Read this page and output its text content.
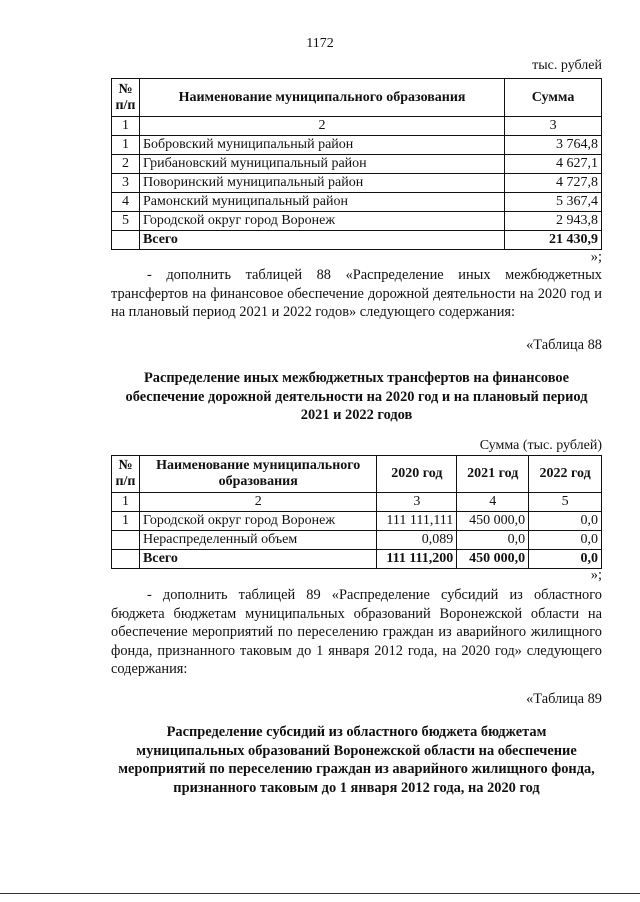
1172
тыс. рублей
№ п/п	Наименование муниципального образования	Сумма
1	2	3
1	Бобровский муниципальный район	3 764,8
2	Грибановский муниципальный район	4 627,1
3	Поворинский муниципальный район	4 727,8
4	Рамонский муниципальный район	5 367,4
5	Городской округ город Воронеж	2 943,8
	Всего	21 430,9
»;
- дополнить таблицей 88 «Распределение иных межбюджетных трансфертов на финансовое обеспечение дорожной деятельности на 2020 год и на плановый период 2021 и 2022 годов» следующего содержания:
«Таблица 88
Распределение иных межбюджетных трансфертов на финансовое обеспечение дорожной деятельности на 2020 год и на плановый период 2021 и 2022 годов
Сумма (тыс. рублей)
№ п/п	Наименование муниципального образования	2020 год	2021 год	2022 год
1	2	3	4	5
1	Городской округ город Воронеж	111 111,111	450 000,0	0,0
	Нераспределенный объем	0,089	0,0	0,0
	Всего	111 111,200	450 000,0	0,0
»;
- дополнить таблицей 89 «Распределение субсидий из областного бюджета бюджетам муниципальных образований Воронежской области на обеспечение мероприятий по переселению граждан из аварийного жилищного фонда, признанного таковым до 1 января 2012 года, на 2020 год» следующего содержания:
«Таблица 89
Распределение субсидий из областного бюджета бюджетам муниципальных образований Воронежской области на обеспечение мероприятий по переселению граждан из аварийного жилищного фонда, признанного таковым до 1 января 2012 года, на 2020 год
